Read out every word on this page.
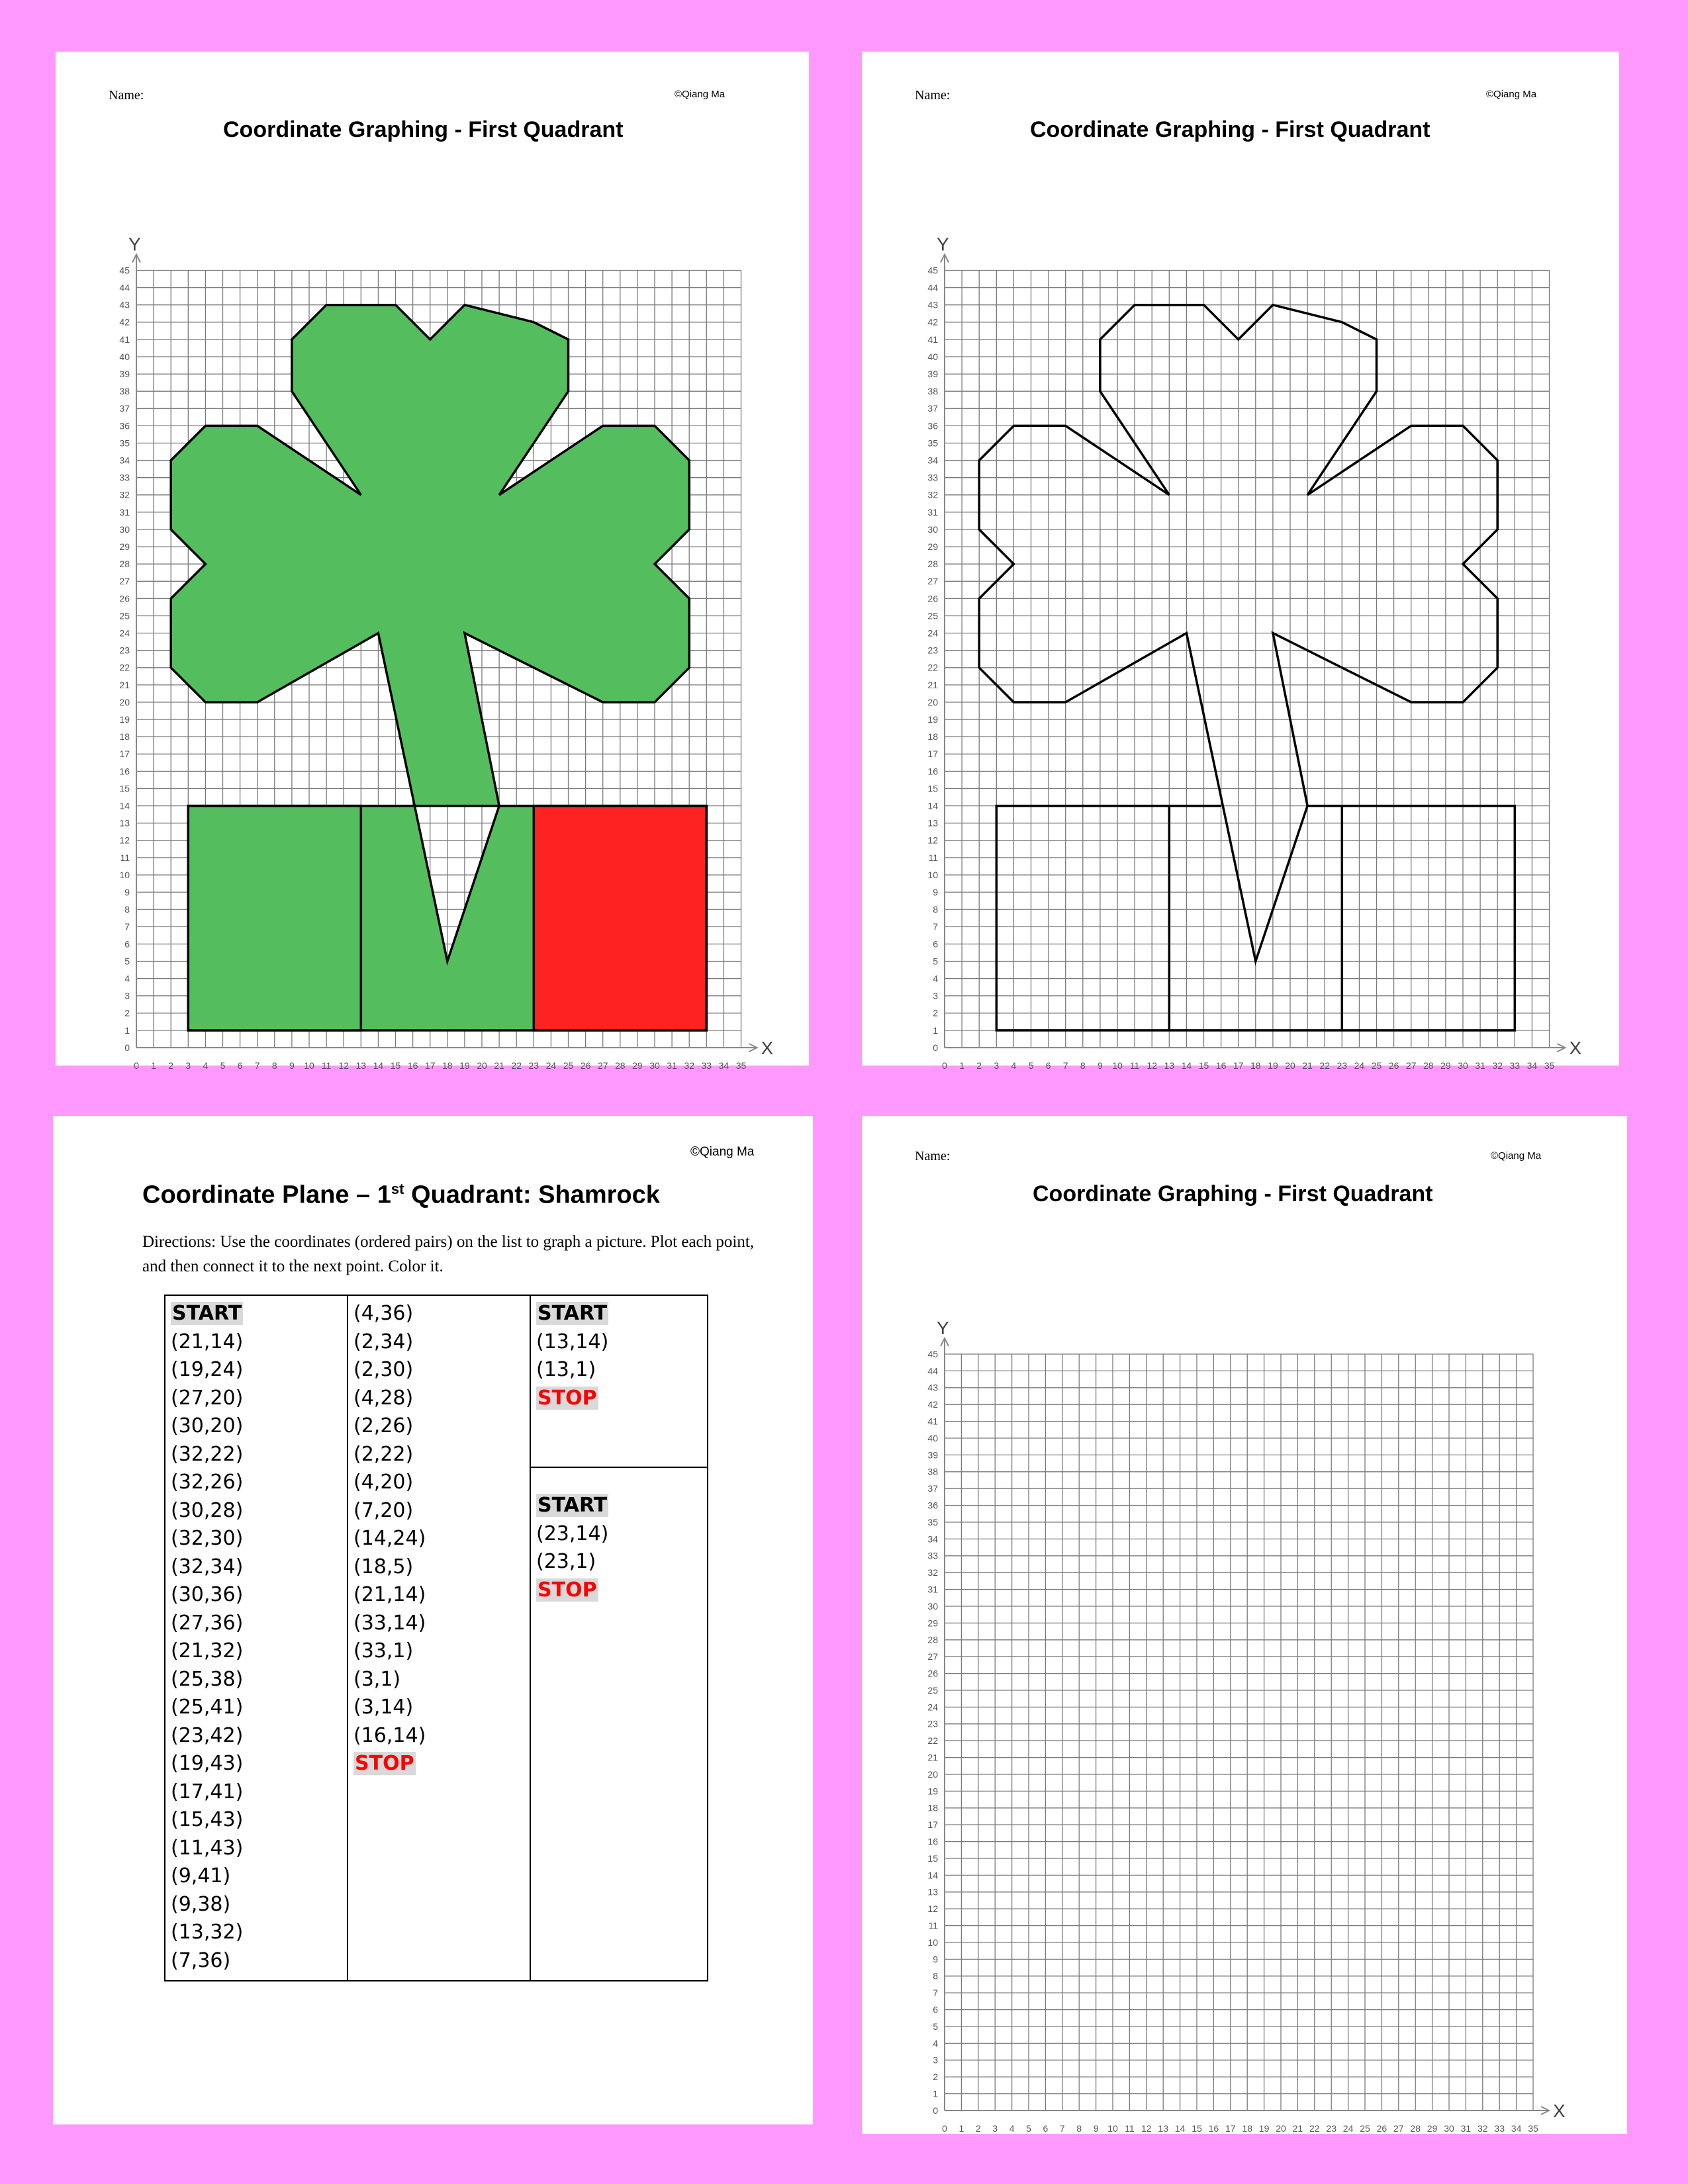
Name:	©Qiang Ma
Coordinate Graphing - First Quadrant
0 1 2 3 4 5 6 7 8 9 10 11 12 13 14 15 16 17 18 19 20 21 22 23 24 25 26 27 28 29 30 31 32 33 34 35
0
1
2
3
4
5
6
7
8
9
10
11
12
13
14
15
16
17
18
19
20
21
22
23
24
25
26
27
28
29
30
31
32
33
34
35
36
37
38
39
40
41
42
43
44
45
X
Y
Name:	©Qiang Ma
Coordinate Graphing - First Quadrant
0 1 2 3 4 5 6 7 8 9 10 11 12 13 14 15 16 17 18 19 20 21 22 23 24 25 26 27 28 29 30 31 32 33 34 35
0
1
2
3
4
5
6
7
8
9
10
11
12
13
14
15
16
17
18
19
20
21
22
23
24
25
26
27
28
29
30
31
32
33
34
35
36
37
38
39
40
41
42
43
44
45
X
Y
©Qiang Ma
Coordinate Plane – 1st Quadrant: Shamrock
Directions: Use the coordinates (ordered pairs) on the list to graph a picture. Plot each point, and then connect it to the next point. Color it.
START
(21,14)
(19,24)
(27,20)
(30,20)
(32,22)
(32,26)
(30,28)
(32,30)
(32,34)
(30,36)
(27,36)
(21,32)
(25,38)
(25,41)
(23,42)
(19,43)
(17,41)
(15,43)
(11,43)
(9,41)
(9,38)
(13,32)
(7,36)

(4,36)
(2,34)
(2,30)
(4,28)
(2,26)
(2,22)
(4,20)
(7,20)
(14,24)
(18,5)
(21,14)
(33,14)
(33,1)
(3,1)
(3,14)
(16,14)
STOP

START
(13,14)
(13,1)
STOP
START
(23,14)
(23,1)
STOP
Name:	©Qiang Ma
Coordinate Graphing - First Quadrant
0 1 2 3 4 5 6 7 8 9 10 11 12 13 14 15 16 17 18 19 20 21 22 23 24 25 26 27 28 29 30 31 32 33 34 35
0
1
2
3
4
5
6
7
8
9
10
11
12
13
14
15
16
17
18
19
20
21
22
23
24
25
26
27
28
29
30
31
32
33
34
35
36
37
38
39
40
41
42
43
44
45
X
Y
